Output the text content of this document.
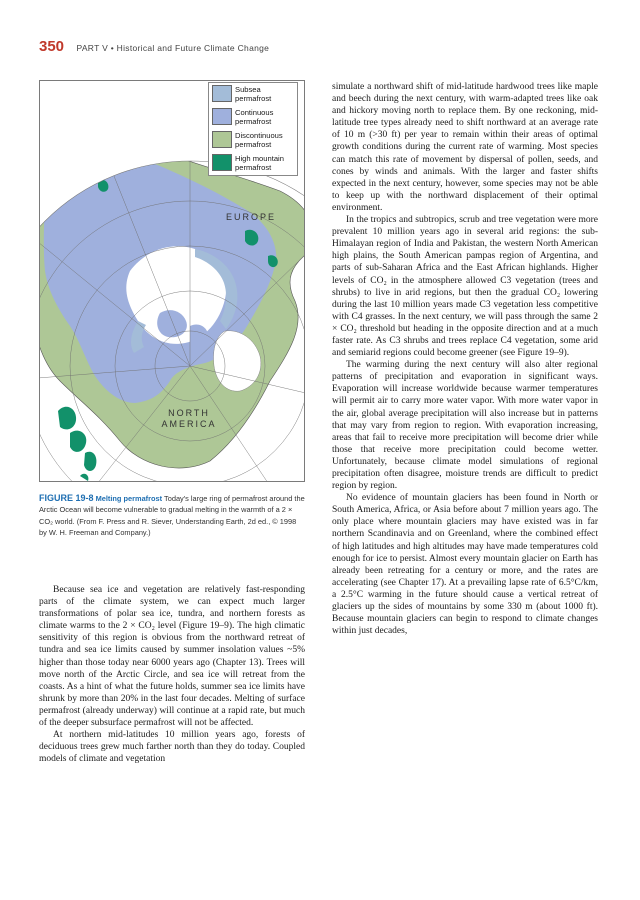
350 PART V • Historical and Future Climate Change
Subsea permafrost
Continuous permafrost
Discontinuous permafrost
High mountain permafrost
EUROPE
NORTH
AMERICA
FIGURE 19-8 Melting permafrost Today's large ring of permafrost around the Arctic Ocean will become vulnerable to gradual melting in the warmth of a 2 × CO₂ world. (From F. Press and R. Siever, Understanding Earth, 2d ed., © 1998 by W. H. Freeman and Company.)

Because sea ice and vegetation are relatively fast-responding parts of the climate system, we can expect much larger transformations of polar sea ice, tundra, and northern forests as climate warms to the 2 × CO₂ level (Figure 19–9). The high climatic sensitivity of this region is obvious from the northward retreat of tundra and sea ice limits caused by summer insolation values ~5% higher than those today near 6000 years ago (Chapter 13). Trees will move north of the Arctic Circle, and sea ice will retreat from the coasts. As a hint of what the future holds, summer sea ice limits have shrunk by more than 20% in the last four decades. Melting of surface permafrost (already underway) will continue at a rapid rate, but much of the deeper subsurface permafrost will not be affected.

At northern mid-latitudes 10 million years ago, forests of deciduous trees grew much farther north than they do today. Coupled models of climate and vegetation

simulate a northward shift of mid-latitude hardwood trees like maple and beech during the next century, with warm-adapted trees like oak and hickory moving north to replace them. By one reckoning, mid-latitude tree types already need to shift northward at an average rate of 10 m (>30 ft) per year to remain within their areas of optimal growth conditions during the current rate of warming. Most species can match this rate of movement by dispersal of pollen, seeds, and cones by winds and animals. With the larger and faster shifts expected in the next century, however, some species may not be able to keep up with the northward displacement of their optimal environment.

In the tropics and subtropics, scrub and tree vegetation were more prevalent 10 million years ago in several arid regions: the sub-Himalayan region of India and Pakistan, the western North American high plains, the South American pampas region of Argentina, and parts of sub-Saharan Africa and the East African highlands. Higher levels of CO₂ in the atmosphere allowed C3 vegetation (trees and shrubs) to live in arid regions, but then the gradual CO₂ lowering during the last 10 million years made C3 vegetation less competitive with C4 grasses. In the next century, we will pass through the same 2 × CO₂ threshold but heading in the opposite direction and at a much faster rate. As C3 shrubs and trees replace C4 vegetation, some arid and semiarid regions could become greener (see Figure 19–9).

The warming during the next century will also alter regional patterns of precipitation and evaporation in significant ways. Evaporation will increase worldwide because warmer temperatures will permit air to carry more water vapor. With more water vapor in the air, global average precipitation will also increase but in patterns that may vary from region to region. With evaporation increasing, areas that fail to receive more precipitation will become drier while those that receive more precipitation could become wetter. Unfortunately, because climate model simulations of regional precipitation often disagree, moisture trends are difficult to predict region by region.

No evidence of mountain glaciers has been found in North or South America, Africa, or Asia before about 7 million years ago. The only place where mountain glaciers may have existed was in far northern Scandinavia and on Greenland, where the combined effect of high latitudes and high altitudes may have made temperatures cold enough for ice to persist. Almost every mountain glacier on Earth has already been retreating for a century or more, and the rates are accelerating (see Chapter 17). At a prevailing lapse rate of 6.5°C/km, a 2.5°C warming in the future should cause a vertical retreat of glaciers up the sides of mountains by some 330 m (about 1000 ft). Because mountain glaciers can begin to respond to climate changes within just decades,
